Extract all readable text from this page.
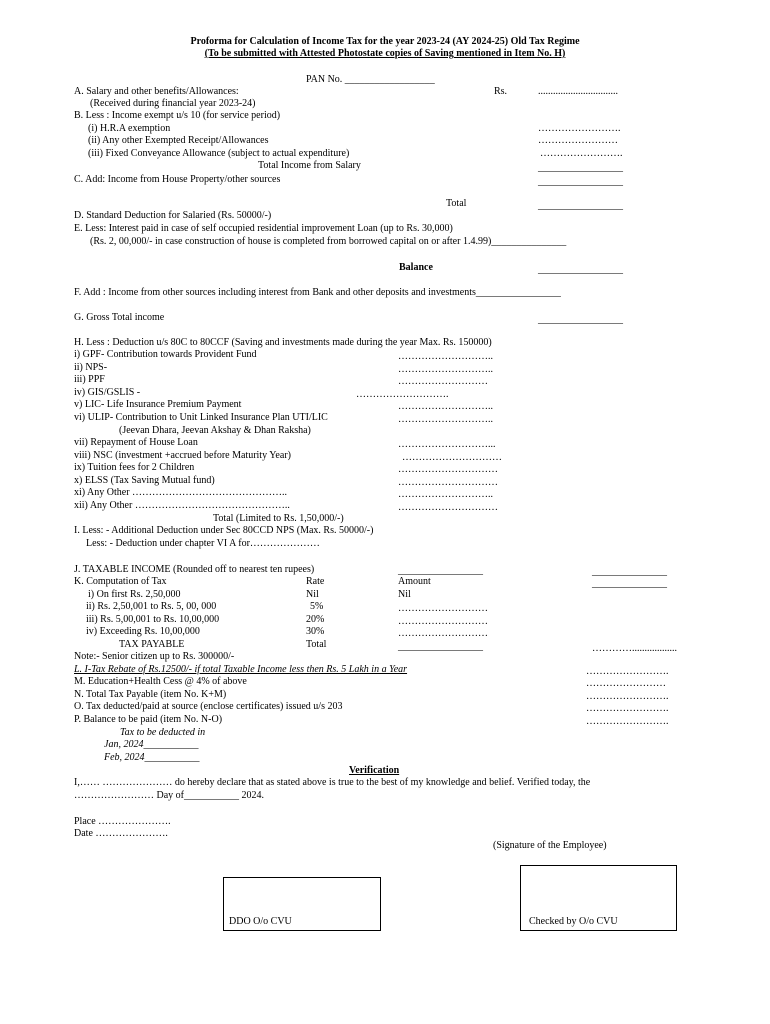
Proforma for Calculation of Income Tax for the year 2023-24 (AY 2024-25) Old Tax Regime
(To be submitted with Attested Photostate copies of Saving mentioned in Item No. H)
PAN No. __________________
A. Salary and other benefits/Allowances:	Rs.	................................
(Received during financial year 2023-24)
B. Less : Income exempt u/s 10 (for service period)
(i) H.R.A exemption	…………………….
(ii) Any other Exempted Receipt/Allowances	……………………
(iii) Fixed Conveyance Allowance (subject to actual expenditure)	…………………….
Total Income from Salary	_________________
C. Add: Income from House Property/other sources	_________________
Total	_________________
D. Standard Deduction for Salaried (Rs. 50000/-)
E. Less: Interest paid in case of self occupied residential improvement Loan (up to Rs. 30,000)
(Rs. 2, 00,000/- in case construction of house is completed from borrowed capital on or after 1.4.99)_______________
Balance	_________________
F. Add : Income from other sources including interest from Bank and other deposits and investments_________________
G. Gross Total income	_________________
H. Less : Deduction u/s 80C to 80CCF (Saving and investments made during the year Max. Rs. 150000)
i) GPF- Contribution towards Provident Fund	………………………..
ii) NPS-	………………………..
iii) PPF	………………………
iv) GIS/GSLIS -	……………………….
v) LIC- Life Insurance Premium Payment	………………………..
vi) ULIP- Contribution to Unit Linked Insurance Plan UTI/LIC	………………………..
(Jeevan Dhara, Jeevan Akshay & Dhan Raksha)
vii) Repayment of House Loan	………………………...
viii) NSC (investment +accrued before Maturity Year)	…………………………
ix) Tuition fees for 2 Children	…………………………
x) ELSS (Tax Saving Mutual fund)	…………………………
xi) Any Other ………………………………………..	………………………..
xii) Any Other ………………………………………..	…………………………
Total (Limited to Rs. 1,50,000/-)
I. Less: - Additional Deduction under Sec 80CCD NPS (Max. Rs. 50000/-)
Less: - Deduction under chapter VI A for…………………
J. TAXABLE INCOME (Rounded off to nearest ten rupees)	_________________	_______________
K. Computation of Tax	Rate	Amount	_______________
i) On first Rs. 2,50,000	Nil	Nil
ii) Rs. 2,50,001 to Rs. 5, 00, 000	5%	………………………
iii) Rs. 5,00,001 to Rs. 10,00,000	20%	………………………
iv) Exceeding Rs. 10,00,000	30%	………………………
TAX PAYABLE	Total	_________________	…………..................
Note:- Senior citizen up to Rs. 300000/-
L. I-Tax Rebate of Rs.12500/- if total Taxable Income less then Rs. 5 Lakh in a Year	…………………….
M. Education+Health Cess @ 4% of above	……………………
N. Total Tax Payable (item No. K+M)	…………………….
O. Tax deducted/paid at source (enclose certificates) issued u/s 203	…………………….
P. Balance to be paid (item No. N-O)	…………………….
Tax to be deducted in
Jan, 2024___________
Feb, 2024___________
Verification
I,…… ………………… do hereby declare that as stated above is true to the best of my knowledge and belief. Verified today, the
…………………… Day of___________ 2024.
Place ………………….
Date ………………….
(Signature of the Employee)
DDO O/o CVU	Checked by O/o CVU
